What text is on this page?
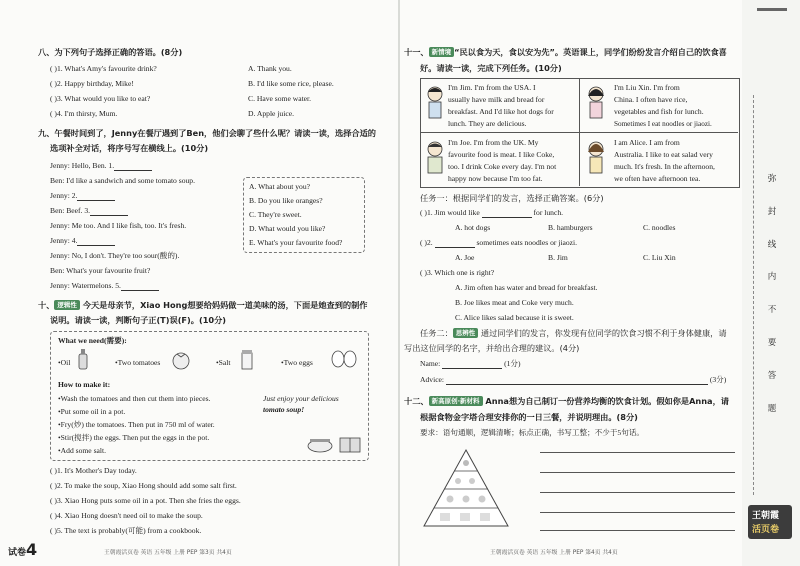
八、为下列句子选择正确的答语。(8分)
( )1. What's Amy's favourite drink?	A. Thank you.
( )2. Happy birthday, Mike!	B. I'd like some rice, please.
( )3. What would you like to eat?	C. Have some water.
( )4. I'm thirsty, Mum.	D. Apple juice.
九、午餐时间到了，Jenny在餐厅遇到了Ben，他们会聊了些什么呢？请读一读，选择合适的
选项补全对话，将序号写在横线上。(10分)
Jenny: Hello, Ben. 1.
Ben: I'd like a sandwich and some tomato soup.
Jenny: 2.
Ben: Beef. 3.
Jenny: Me too. And I like fish, too. It's fresh.
Jenny: 4.
Jenny: No, I don't. They're too sour(酸的).
Ben: What's your favourite fruit?
Jenny: Watermelons. 5.
A. What about you?
B. Do you like oranges?
C. They're sweet.
D. What would you like?
E. What's your favourite food?
十、 逻辑性 今天是母亲节，Xiao Hong想要给妈妈做一道美味的汤，下面是她查到的制作
说明。请读一读，判断句子正(T)误(F)。(10分)
What we need(需要):
•Oil	•Two tomatoes	•Salt	•Two eggs
How to make it:
•Wash the tomatoes and then cut them into pieces.
•Put some oil in a pot.
•Fry(炒) the tomatoes. Then put in 750 ml of water.
•Stir(搅拌) the eggs. Then put the eggs in the pot.
•Add some salt.
Just enjoy your delicious
tomato soup!
( )1. It's Mother's Day today.
( )2. To make the soup, Xiao Hong should add some salt first.
( )3. Xiao Hong puts some oil in a pot. Then she fries the eggs.
( )4. Xiao Hong doesn't need oil to make the soup.
( )5. The text is probably(可能) from a cookbook.
试卷4	王朝霞活页卷 英语 五年级 上册 PEP 第3页 共4页
十一、 新情境 “民以食为天，食以安为先”。英语课上，同学们纷纷发言介绍自己的饮食喜
好。请读一读，完成下列任务。(10分)
I'm Jim. I'm from the USA. I
usually have milk and bread for
breakfast. And I'd like hot dogs for
lunch. They are delicious.
I'm Liu Xin. I'm from
China. I often have rice,
vegetables and fish for lunch.
Sometimes I eat noodles or jiaozi.
I'm Joe. I'm from the UK. My
favourite food is meat. I like Coke,
too. I drink Coke every day. I'm not
happy now because I'm too fat.
I am Alice. I am from
Australia. I like to eat salad very
much. It's fresh. In the afternoon,
we often have afternoon tea.
任务一：根据同学们的发言，选择正确答案。(6分)
( )1. Jim would like	for lunch.
A. hot dogs	B. hamburgers	C. noodles
( )2.	sometimes eats noodles or jiaozi.
A. Joe	B. Jim	C. Liu Xin
( )3. Which one is right?
A. Jim often has water and bread for breakfast.
B. Joe likes meat and Coke very much.
C. Alice likes salad because it is sweet.
任务二： 思辨性 通过同学们的发言，你发现有位同学的饮食习惯不利于身体健康，请
写出这位同学的名字，并给出合理的建议。(4分)
Name:	(1分)
Advice:	(3分)
十二、 新高原创·新材料 Anna想为自己制订一份营养均衡的饮食计划。假如你是Anna，请
根据食物金字塔合理安排你的一日三餐，并说明理由。(8分)
要求：语句通顺，逻辑清晰；标点正确，书写工整；不少于5句话。
王朝霞活页卷 英语 五年级 上册 PEP 第4页 共4页
弥
封
线
内
不
要
答
题
王朝霞
活页卷
